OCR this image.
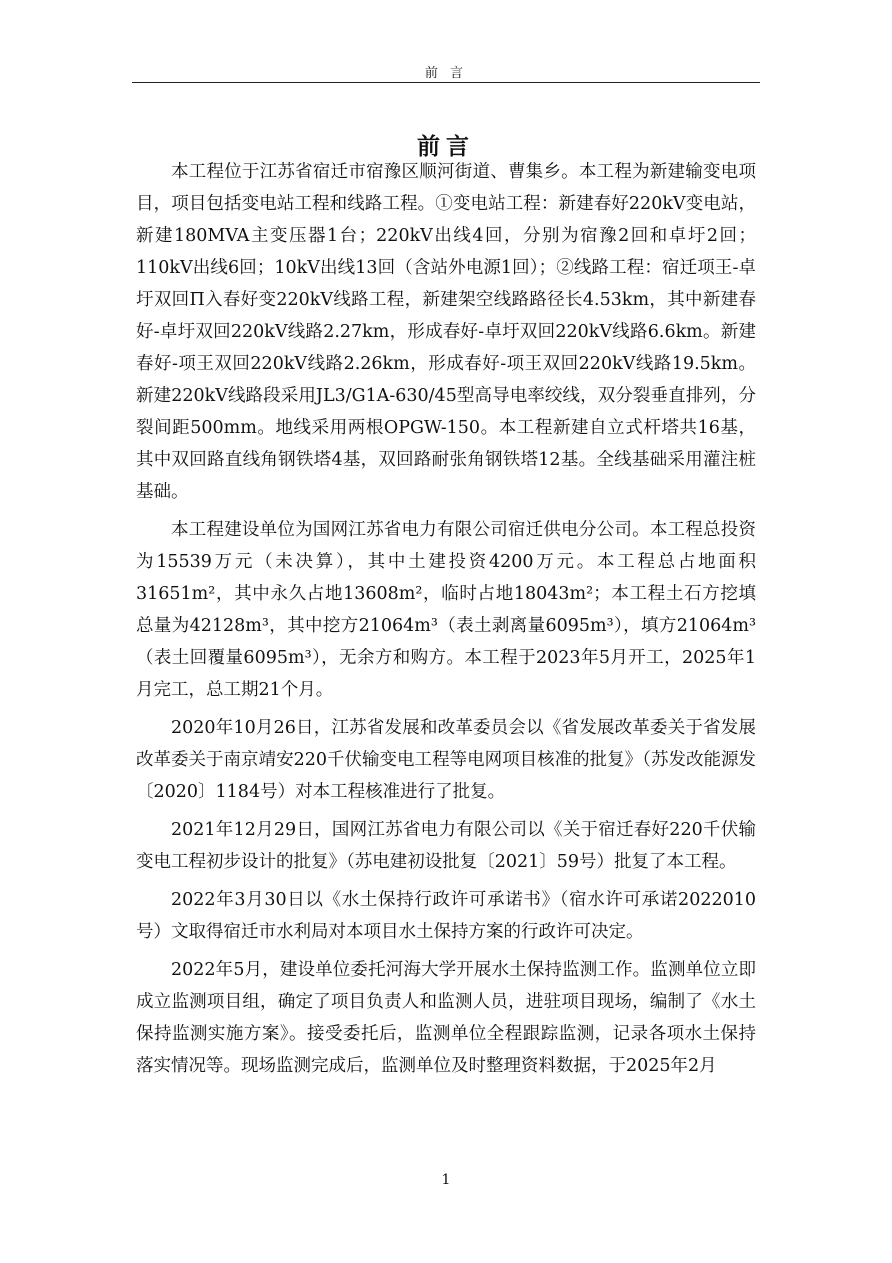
前 言
前言

本工程位于江苏省宿迁市宿豫区顺河街道、曹集乡。本工程为新建输变电项目，项目包括变电站工程和线路工程。①变电站工程：新建春好220kV变电站，新建180MVA主变压器1台；220kV出线4回，分别为宿豫2回和卓圩2回；110kV出线6回；10kV出线13回（含站外电源1回）；②线路工程：宿迁项王-卓圩双回Π入春好变220kV线路工程，新建架空线路路径长4.53km，其中新建春好-卓圩双回220kV线路2.27km，形成春好-卓圩双回220kV线路6.6km。新建春好-项王双回220kV线路2.26km，形成春好-项王双回220kV线路19.5km。新建220kV线路段采用JL3/G1A-630/45型高导电率绞线，双分裂垂直排列，分裂间距500mm。地线采用两根OPGW-150。本工程新建自立式杆塔共16基，其中双回路直线角钢铁塔4基，双回路耐张角钢铁塔12基。全线基础采用灌注桩基础。

本工程建设单位为国网江苏省电力有限公司宿迁供电分公司。本工程总投资为15539万元（未决算），其中土建投资4200万元。本工程总占地面积31651m²，其中永久占地13608m²，临时占地18043m²；本工程土石方挖填总量为42128m³，其中挖方21064m³（表土剥离量6095m³），填方21064m³（表土回覆量6095m³），无余方和购方。本工程于2023年5月开工，2025年1月完工，总工期21个月。

2020年10月26日，江苏省发展和改革委员会以《省发展改革委关于省发展改革委关于南京靖安220千伏输变电工程等电网项目核准的批复》（苏发改能源发〔2020〕1184号）对本工程核准进行了批复。

2021年12月29日，国网江苏省电力有限公司以《关于宿迁春好220千伏输变电工程初步设计的批复》（苏电建初设批复〔2021〕59号）批复了本工程。

2022年3月30日以《水土保持行政许可承诺书》（宿水许可承诺2022010号）文取得宿迁市水利局对本项目水土保持方案的行政许可决定。

2022年5月，建设单位委托河海大学开展水土保持监测工作。监测单位立即成立监测项目组，确定了项目负责人和监测人员，进驻项目现场，编制了《水土保持监测实施方案》。接受委托后，监测单位全程跟踪监测，记录各项水土保持落实情况等。现场监测完成后，监测单位及时整理资料数据，于2025年2月

1
